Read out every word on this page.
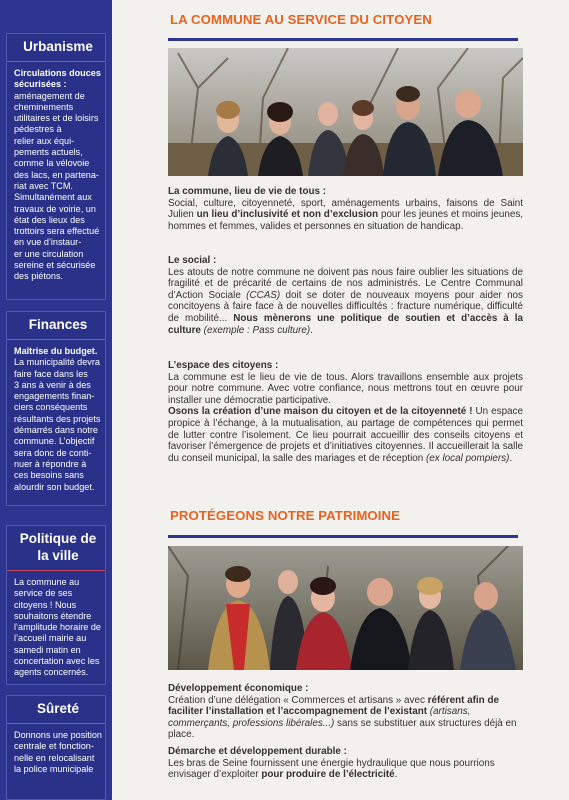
Urbanisme
Circulations douces sécurisées :
aménagement de
cheminements
utilitaires et de loisirs
pédestres à
relier aux équi-
pements actuels,
comme la vélovoie
des lacs, en partena-
riat avec TCM.
Simultanément aux
travaux de voirie, un
état des lieux des
trottoirs sera effectué
en vue d’instaur-
er une circulation
sereine et sécurisée
des piétons.
Finances
Maîtrise du budget.
La municipalité devra
faire face dans les
3 ans à venir à des
engagements finan-
ciers conséquents
résultants des projets
démarrés dans notre
commune. L’objectif
sera donc de conti-
nuer à répondre à
ces besoins sans
alourdir son budget.
Politique de
la ville
La commune au
service de ses
citoyens ! Nous
souhaitons étendre
l’amplitude horaire de
l’accueil mairie au
samedi matin en
concertation avec les
agents concernés.
Sûreté
Donnons une position
centrale et fonction-
nelle en relocalisant
la police municipale
LA COMMUNE AU SERVICE DU CITOYEN
La commune, lieu de vie de tous :
Social, culture, citoyenneté, sport, aménagements urbains, faisons de Saint Julien un lieu d’inclusivité et non d’exclusion pour les jeunes et moins jeunes, hommes et femmes, valides et personnes en situation de handicap.
Le social :
Les atouts de notre commune ne doivent pas nous faire oublier les situations de fragilité et de précarité de certains de nos administrés. Le Centre Communal d’Action Sociale (CCAS) doit se doter de nouveaux moyens pour aider nos concitoyens à faire face à de nouvelles difficultés : fracture numérique, difficulté de mobilité... Nous mènerons une politique de soutien et d’accès à la culture (exemple : Pass culture).
L’espace des citoyens :
La commune est le lieu de vie de tous. Alors travaillons ensemble aux projets pour notre commune. Avec votre confiance, nous mettrons tout en œuvre pour installer une démocratie participative.
Osons la création d’une maison du citoyen et de la citoyenneté ! Un espace propice à l’échange, à la mutualisation, au partage de compétences qui permet de lutter contre l’isolement. Ce lieu pourrait accueillir des conseils citoyens et favoriser l’émergence de projets et d’initiatives citoyennes. Il accueillerait la salle du conseil municipal, la salle des mariages et de réception (ex local pompiers).
PROTÉGEONS NOTRE PATRIMOINE
Développement économique :
Création d’une délégation « Commerces et artisans » avec référent afin de faciliter l’installation et l’accompagnement de l’existant (artisans, commerçants, professions libérales...) sans se substituer aux structures déjà en place.
Démarche et développement durable :
Les bras de Seine fournissent une énergie hydraulique que nous pourrions envisager d’exploiter pour produire de l’électricité.
